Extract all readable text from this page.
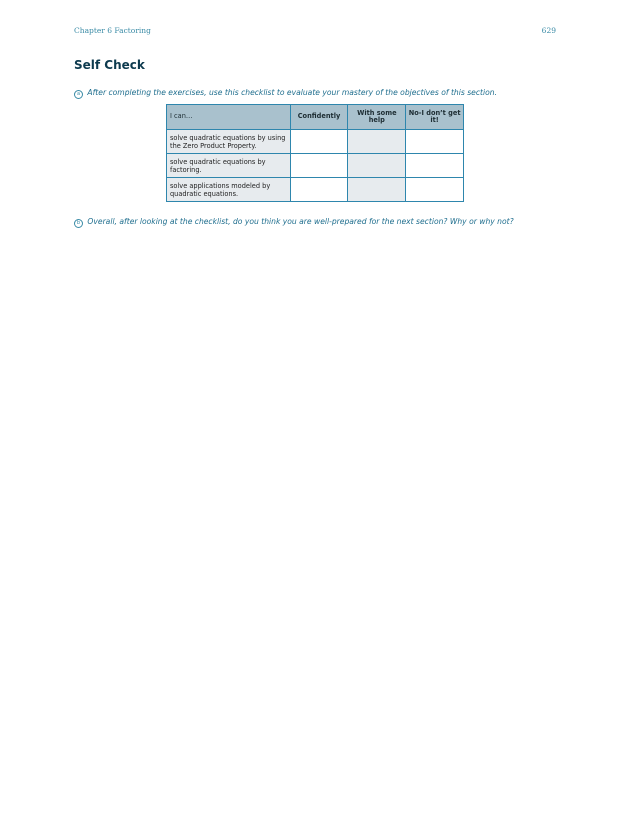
Chapter 6 Factoring	629
Self Check
a After completing the exercises, use this checklist to evaluate your mastery of the objectives of this section.
I can…	Confidently	With some help	No-I don’t get it!
solve quadratic equations by using the Zero Product Property.			
solve quadratic equations by factoring.			
solve applications modeled by quadratic equations.			
b Overall, after looking at the checklist, do you think you are well-prepared for the next section? Why or why not?
